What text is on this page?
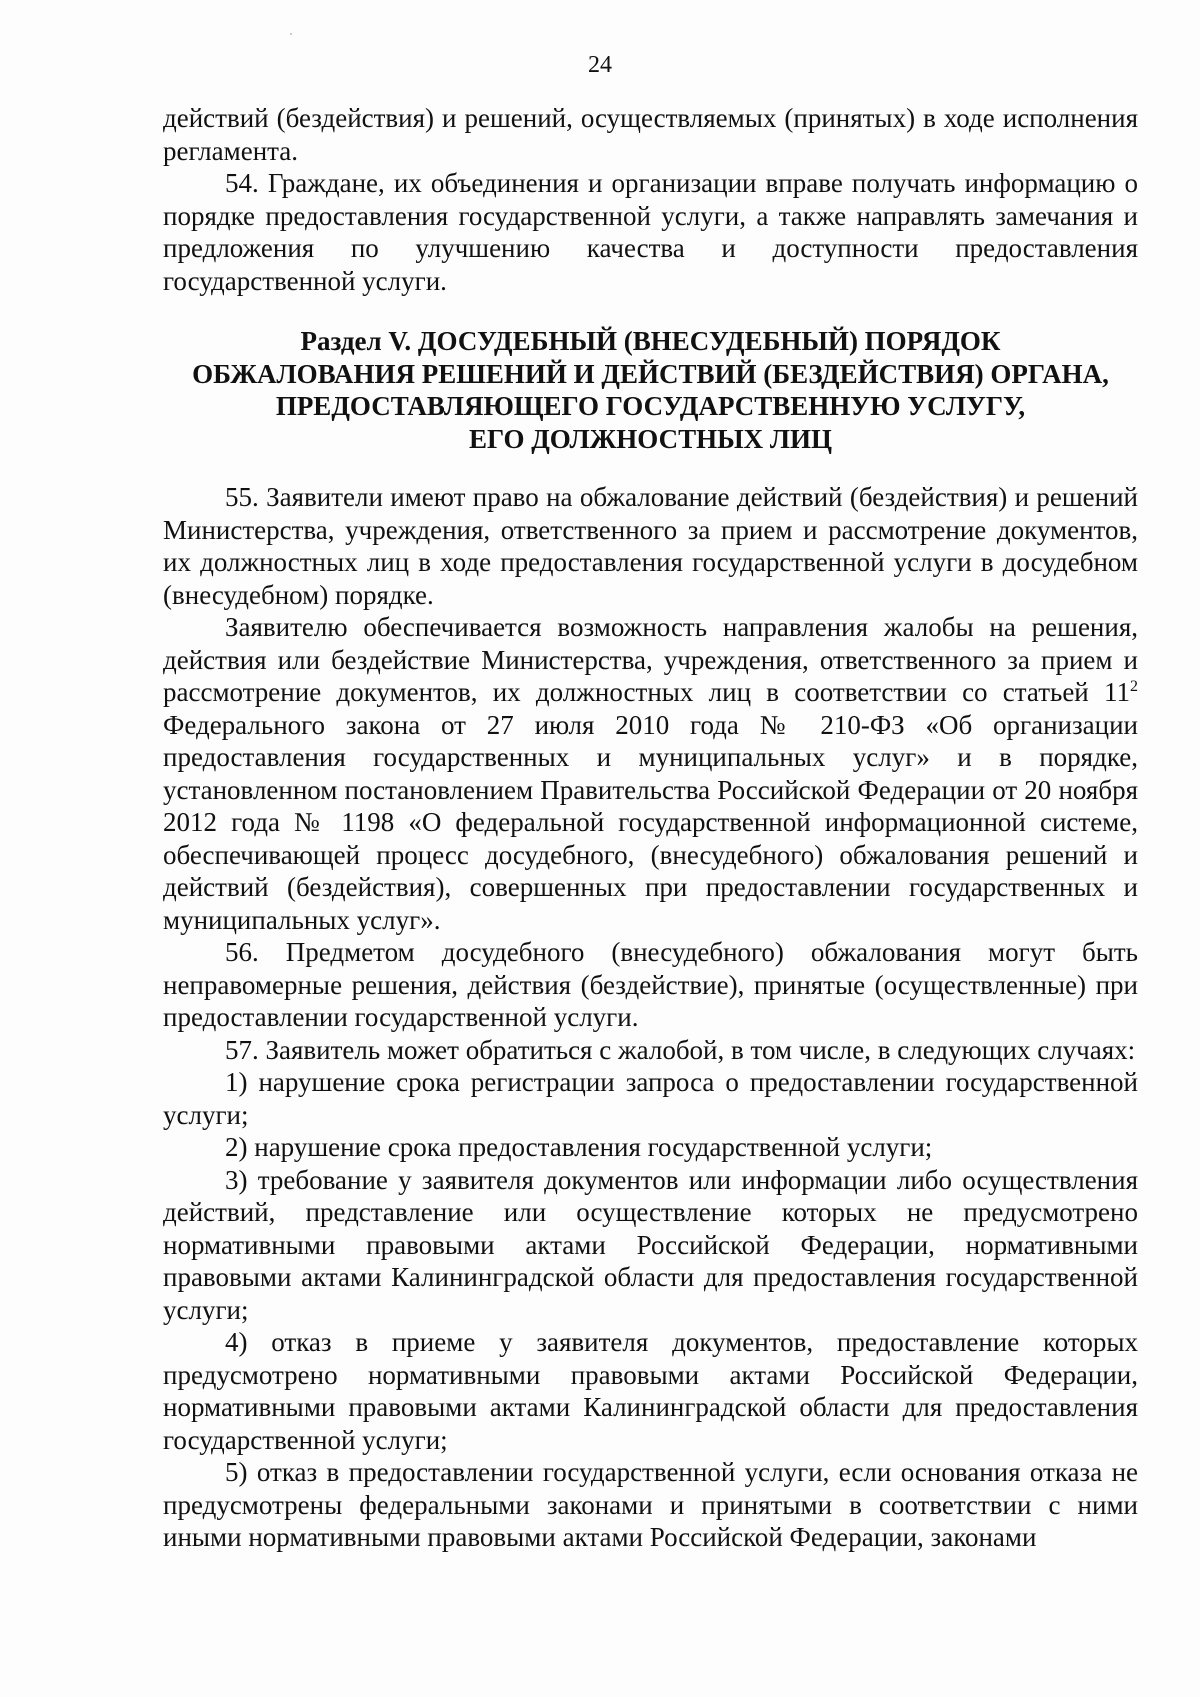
24

действий (бездействия) и решений, осуществляемых (принятых) в ходе исполнения регламента.

54. Граждане, их объединения и организации вправе получать информацию о порядке предоставления государственной услуги, а также направлять замечания и предложения по улучшению качества и доступности предоставления государственной услуги.

Раздел V. ДОСУДЕБНЫЙ (ВНЕСУДЕБНЫЙ) ПОРЯДОК
ОБЖАЛОВАНИЯ РЕШЕНИЙ И ДЕЙСТВИЙ (БЕЗДЕЙСТВИЯ) ОРГАНА,
ПРЕДОСТАВЛЯЮЩЕГО ГОСУДАРСТВЕННУЮ УСЛУГУ,
ЕГО ДОЛЖНОСТНЫХ ЛИЦ

55. Заявители имеют право на обжалование действий (бездействия) и решений Министерства, учреждения, ответственного за прием и рассмотрение документов, их должностных лиц в ходе предоставления государственной услуги в досудебном (внесудебном) порядке.

Заявителю обеспечивается возможность направления жалобы на решения, действия или бездействие Министерства, учреждения, ответственного за прием и рассмотрение документов, их должностных лиц в соответствии со статьей $11^2$ Федерального закона от 27 июля 2010 года № 210-ФЗ «Об организации предоставления государственных и муниципальных услуг» и в порядке, установленном постановлением Правительства Российской Федерации от 20 ноября 2012 года № 1198 «О федеральной государственной информационной системе, обеспечивающей процесс досудебного, (внесудебного) обжалования решений и действий (бездействия), совершенных при предоставлении государственных и муниципальных услуг».

56. Предметом досудебного (внесудебного) обжалования могут быть неправомерные решения, действия (бездействие), принятые (осуществленные) при предоставлении государственной услуги.

57. Заявитель может обратиться с жалобой, в том числе, в следующих случаях:

1) нарушение срока регистрации запроса о предоставлении государственной услуги;

2) нарушение срока предоставления государственной услуги;

3) требование у заявителя документов или информации либо осуществления действий, представление или осуществление которых не предусмотрено нормативными правовыми актами Российской Федерации, нормативными правовыми актами Калининградской области для предоставления государственной услуги;

4) отказ в приеме у заявителя документов, предоставление которых предусмотрено нормативными правовыми актами Российской Федерации, нормативными правовыми актами Калининградской области для предоставления государственной услуги;

5) отказ в предоставлении государственной услуги, если основания отказа не предусмотрены федеральными законами и принятыми в соответствии с ними иными нормативными правовыми актами Российской Федерации, законами
